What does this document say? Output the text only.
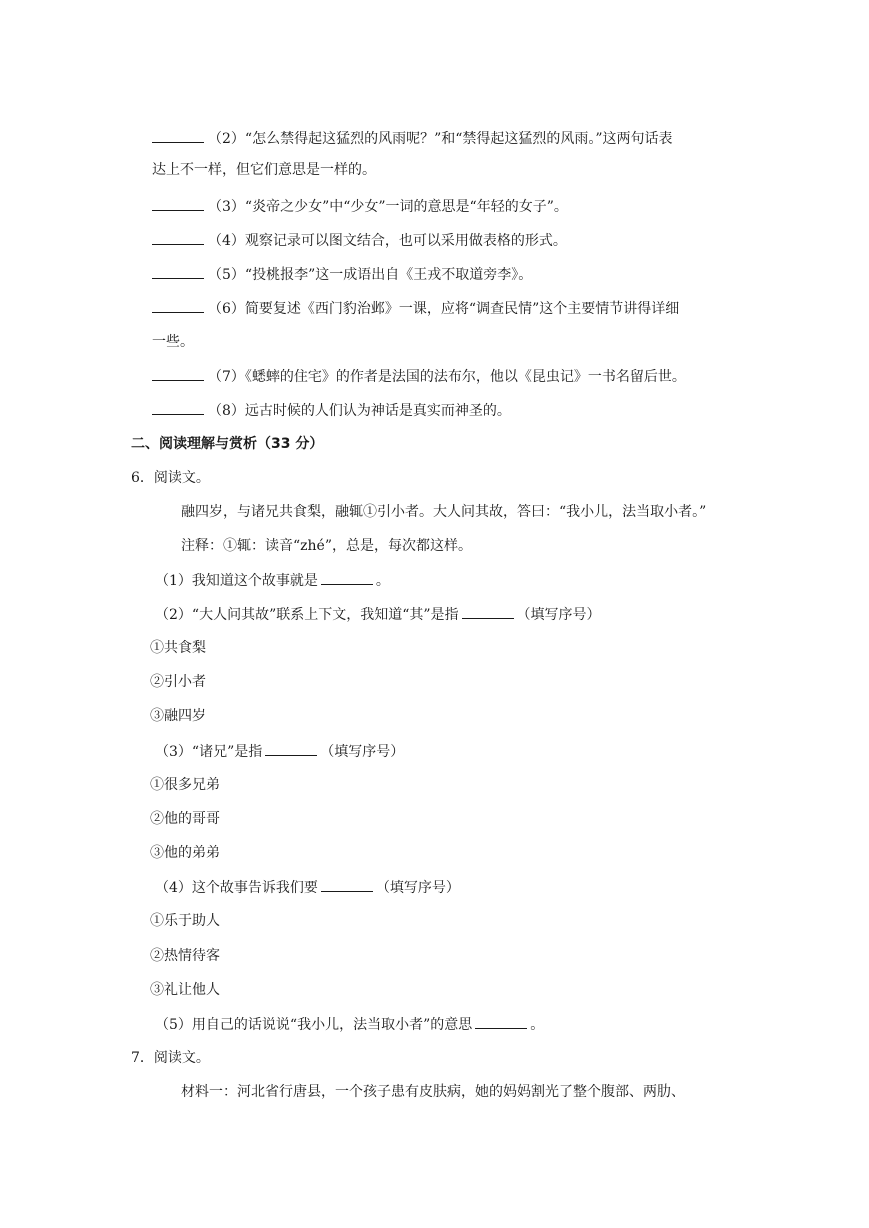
（2）“怎么禁得起这猛烈的风雨呢？”和“禁得起这猛烈的风雨。”这两句话表
达上不一样，但它们意思是一样的。
（3）“炎帝之少女”中“少女”一词的意思是“年轻的女子”。
（4）观察记录可以图文结合，也可以采用做表格的形式。
（5）“投桃报李”这一成语出自《王戎不取道旁李》。
（6）简要复述《西门豹治邺》一课，应将“调查民情”这个主要情节讲得详细
一些。
（7）《蟋蟀的住宅》的作者是法国的法布尔，他以《昆虫记》一书名留后世。
（8）远古时候的人们认为神话是真实而神圣的。
二、阅读理解与赏析（33 分）
6．阅读文。
融四岁，与诸兄共食梨，融辄①引小者。大人问其故，答曰：“我小儿，法当取小者。”
注释：①辄：读音“zhé”，总是，每次都这样。
（1）我知道这个故事就是	。
（2）“大人问其故”联系上下文，我知道“其”是指	（填写序号）
①共食梨
②引小者
③融四岁
（3）“诸兄”是指	（填写序号）
①很多兄弟
②他的哥哥
③他的弟弟
（4）这个故事告诉我们要	（填写序号）
①乐于助人
②热情待客
③礼让他人
（5）用自己的话说说“我小儿，法当取小者”的意思	。
7．阅读文。
材料一：河北省行唐县，一个孩子患有皮肤病，她的妈妈割光了整个腹部、两肋、
